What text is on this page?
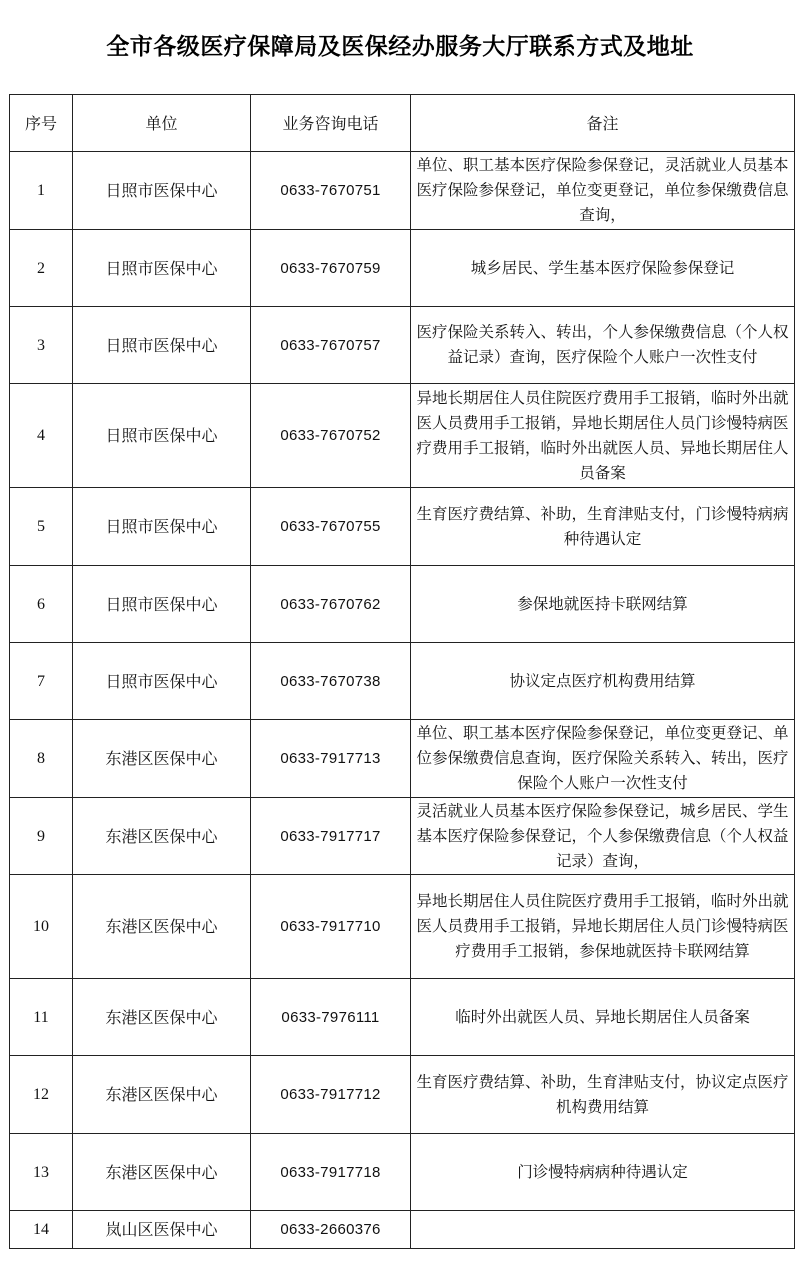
全市各级医疗保障局及医保经办服务大厅联系方式及地址
序号	单位	业务咨询电话	备注
1	日照市医保中心	0633-7670751	单位、职工基本医疗保险参保登记，灵活就业人员基本医疗保险参保登记，单位变更登记，单位参保缴费信息查询，
2	日照市医保中心	0633-7670759	城乡居民、学生基本医疗保险参保登记
3	日照市医保中心	0633-7670757	医疗保险关系转入、转出，个人参保缴费信息（个人权益记录）查询，医疗保险个人账户一次性支付
4	日照市医保中心	0633-7670752	异地长期居住人员住院医疗费用手工报销，临时外出就医人员费用手工报销，异地长期居住人员门诊慢特病医疗费用手工报销，临时外出就医人员、异地长期居住人员备案
5	日照市医保中心	0633-7670755	生育医疗费结算、补助，生育津贴支付，门诊慢特病病种待遇认定
6	日照市医保中心	0633-7670762	参保地就医持卡联网结算
7	日照市医保中心	0633-7670738	协议定点医疗机构费用结算
8	东港区医保中心	0633-7917713	单位、职工基本医疗保险参保登记，单位变更登记、单位参保缴费信息查询，医疗保险关系转入、转出，医疗保险个人账户一次性支付
9	东港区医保中心	0633-7917717	灵活就业人员基本医疗保险参保登记，城乡居民、学生基本医疗保险参保登记，个人参保缴费信息（个人权益记录）查询，
10	东港区医保中心	0633-7917710	异地长期居住人员住院医疗费用手工报销，临时外出就医人员费用手工报销，异地长期居住人员门诊慢特病医疗费用手工报销，参保地就医持卡联网结算
11	东港区医保中心	0633-7976111	临时外出就医人员、异地长期居住人员备案
12	东港区医保中心	0633-7917712	生育医疗费结算、补助，生育津贴支付，协议定点医疗机构费用结算
13	东港区医保中心	0633-7917718	门诊慢特病病种待遇认定
14	岚山区医保中心	0633-2660376	
